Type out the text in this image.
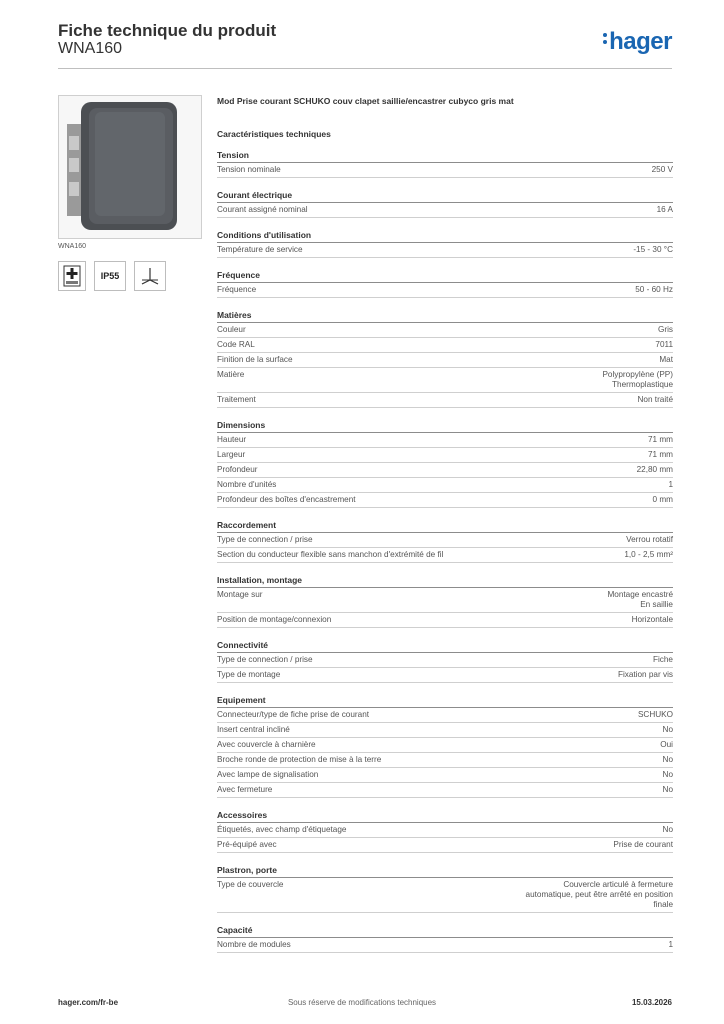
Fiche technique du produit
WNA160	hager
WNA160
IP55
Mod Prise courant SCHUKO couv clapet saillie/encastrer cubyco gris mat
Caractéristiques techniques
Tension
Tension nominale	250 V
Courant électrique
Courant assigné nominal	16 A
Conditions d'utilisation
Température de service	-15 - 30 °C
Fréquence
Fréquence	50 - 60 Hz
Matières
Couleur	Gris
Code RAL	7011
Finition de la surface	Mat
Matière	Polypropylène (PP)
Thermoplastique
Traitement	Non traité
Dimensions
Hauteur	71 mm
Largeur	71 mm
Profondeur	22,80 mm
Nombre d'unités	1
Profondeur des boîtes d'encastrement	0 mm
Raccordement
Type de connection / prise	Verrou rotatif
Section du conducteur flexible sans manchon d'extrémité de fil	1,0 - 2,5 mm²
Installation, montage
Montage sur	Montage encastré
En saillie
Position de montage/connexion	Horizontale
Connectivité
Type de connection / prise	Fiche
Type de montage	Fixation par vis
Equipement
Connecteur/type de fiche prise de courant	SCHUKO
Insert central incliné	No
Avec couvercle à charnière	Oui
Broche ronde de protection de mise à la terre	No
Avec lampe de signalisation	No
Avec fermeture	No
Accessoires
Étiquetés, avec champ d'étiquetage	No
Pré-équipé avec	Prise de courant
Plastron, porte
Type de couvercle	Couvercle articulé à fermeture
automatique, peut être arrêté en position
finale
Capacité
Nombre de modules	1
hager.com/fr-be	Sous réserve de modifications techniques	15.03.2026
